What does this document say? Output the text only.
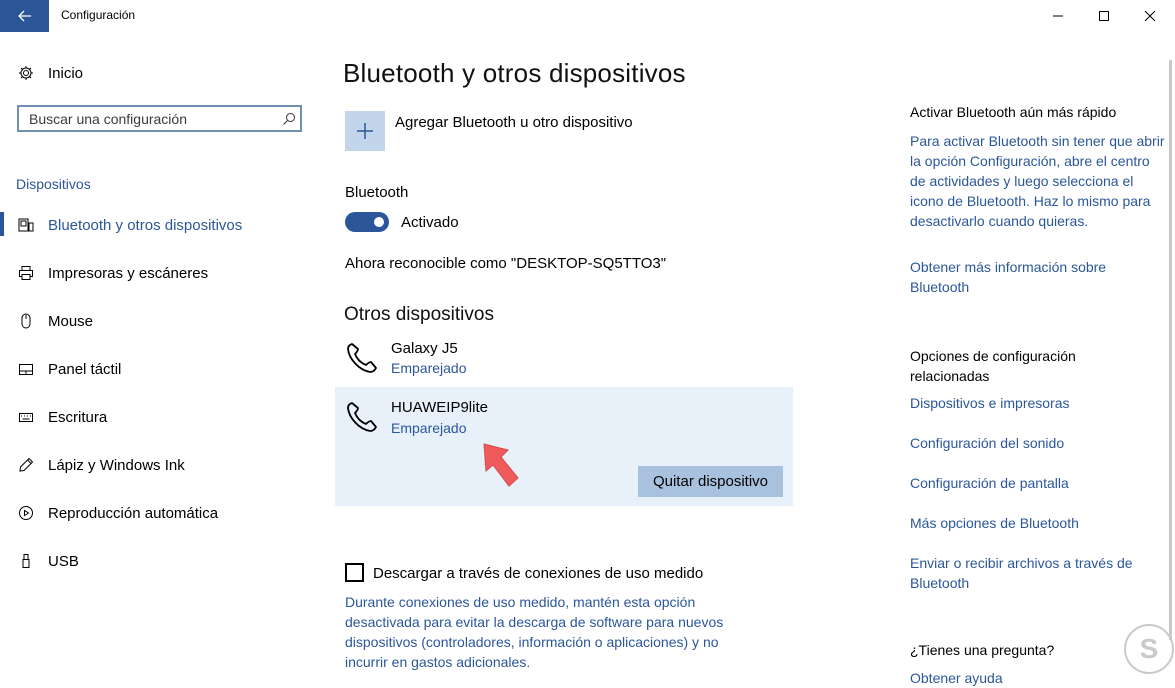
Configuración
Inicio
Buscar una configuración
Dispositivos
Bluetooth y otros dispositivos
Impresoras y escáneres
Mouse
Panel táctil
Escritura
Lápiz y Windows Ink
Reproducción automática
USB
Bluetooth y otros dispositivos
Agregar Bluetooth u otro dispositivo
Bluetooth
Activado
Ahora reconocible como "DESKTOP-SQ5TTO3"
Otros dispositivos
Galaxy J5
Emparejado
HUAWEIP9lite
Emparejado
Quitar dispositivo
Descargar a través de conexiones de uso medido
Durante conexiones de uso medido, mantén esta opción desactivada para evitar la descarga de software para nuevos dispositivos (controladores, información o aplicaciones) y no incurrir en gastos adicionales.
Activar Bluetooth aún más rápido
Para activar Bluetooth sin tener que abrir la opción Configuración, abre el centro de actividades y luego selecciona el icono de Bluetooth. Haz lo mismo para desactivarlo cuando quieras.
Obtener más información sobre Bluetooth
Opciones de configuración relacionadas
Dispositivos e impresoras
Configuración del sonido
Configuración de pantalla
Más opciones de Bluetooth
Enviar o recibir archivos a través de Bluetooth
¿Tienes una pregunta?
Obtener ayuda
S
